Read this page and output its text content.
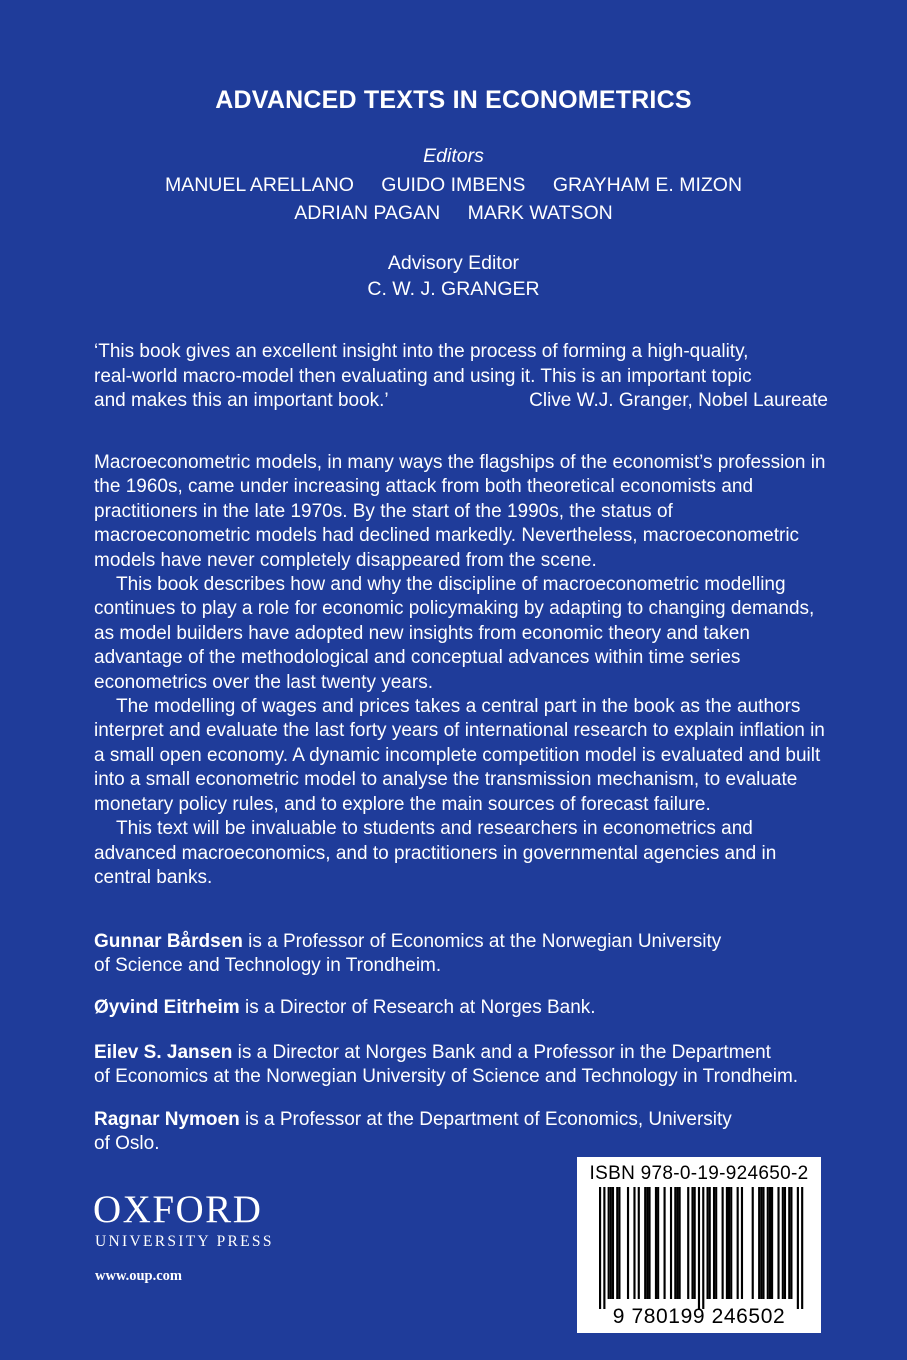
ADVANCED TEXTS IN ECONOMETRICS
Editors
MANUEL ARELLANO GUIDO IMBENS GRAYHAM E. MIZON
ADRIAN PAGAN MARK WATSON
Advisory Editor
C. W. J. GRANGER
‘This book gives an excellent insight into the process of forming a high-quality,
real-world macro-model then evaluating and using it. This is an important topic
and makes this an important book.’	Clive W.J. Granger, Nobel Laureate

Macroeconometric models, in many ways the flagships of the economist’s profession in the 1960s, came under increasing attack from both theoretical economists and practitioners in the late 1970s. By the start of the 1990s, the status of macroeconometric models had declined markedly. Nevertheless, macroeconometric models have never completely disappeared from the scene.

This book describes how and why the discipline of macroeconometric modelling continues to play a role for economic policymaking by adapting to changing demands, as model builders have adopted new insights from economic theory and taken advantage of the methodological and conceptual advances within time series econometrics over the last twenty years.

The modelling of wages and prices takes a central part in the book as the authors interpret and evaluate the last forty years of international research to explain inflation in a small open economy. A dynamic incomplete competition model is evaluated and built into a small econometric model to analyse the transmission mechanism, to evaluate monetary policy rules, and to explore the main sources of forecast failure.

This text will be invaluable to students and researchers in econometrics and advanced macroeconomics, and to practitioners in governmental agencies and in central banks.

Gunnar Bårdsen is a Professor of Economics at the Norwegian University
of Science and Technology in Trondheim.
Øyvind Eitrheim is a Director of Research at Norges Bank.
Eilev S. Jansen is a Director at Norges Bank and a Professor in the Department
of Economics at the Norwegian University of Science and Technology in Trondheim.
Ragnar Nymoen is a Professor at the Department of Economics, University
of Oslo.
OXFORD
UNIVERSITY PRESS
www.oup.com
ISBN 978-0-19-924650-2
9 780199 246502
